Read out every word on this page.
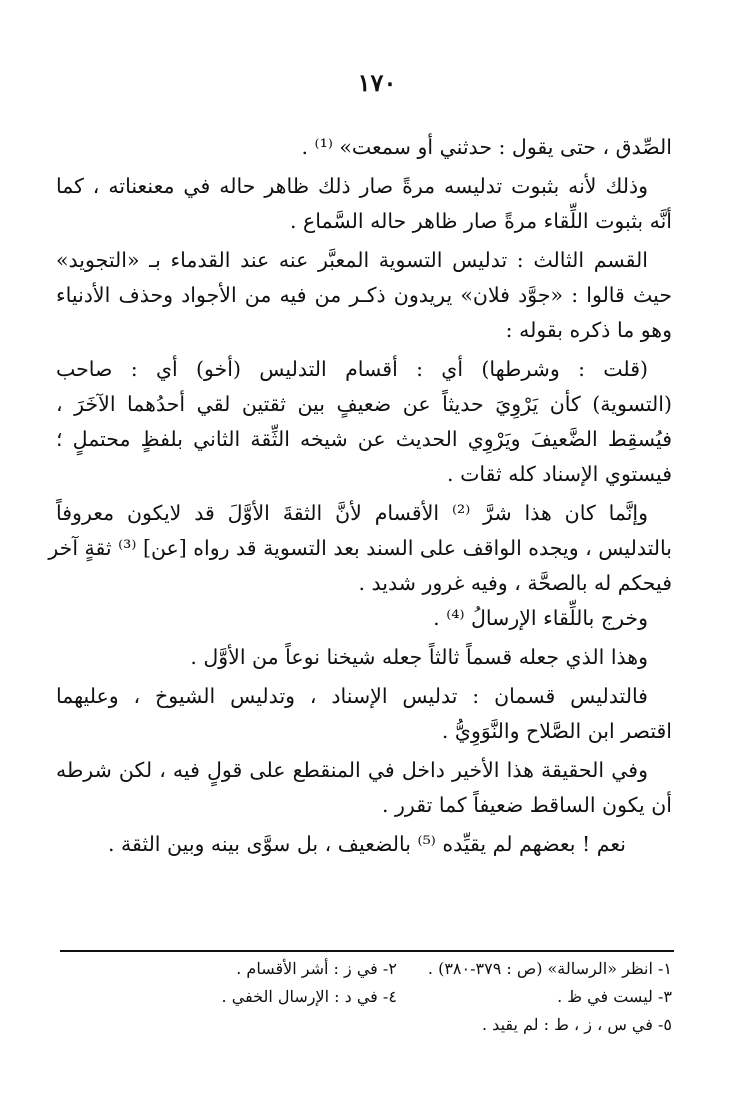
١٧٠
الصِّدق ، حتى يقول : حدثني أو سمعت» ⁽¹⁾ .
وذلك لأنه بثبوت تدليسه مرةً صار ذلك ظاهر حاله في معنعناته ، كما
أنَّه بثبوت اللِّقاء مرةً صار ظاهر حاله السَّماع .
القسم الثالث : تدليس التسوية المعبَّر عنه عند القدماء بـ «التجويد»
حيث قالوا : «جوَّد فلان» يريدون ذكـر من فيه من الأجواد وحذف الأدنياء
وهو ما ذكره بقوله :
(قلت : وشرطها) أي : أقسام التدليس (أخو) أي : صاحب
(التسوية) كأن يَرْوِيَ حديثاً عن ضعيفٍ بين ثقتين لقي أحدُهما الآخَرَ ،
فيُسقِط الضَّعيفَ ويَرْوِي الحديث عن شيخه الثِّقة الثاني بلفظٍ محتملٍ ؛
فيستوي الإسناد كله ثقات .
وإنَّما كان هذا شرَّ ⁽²⁾ الأقسام لأنَّ الثقةَ الأوَّلَ قد لايكون معروفاً
بالتدليس ، ويجده الواقف على السند بعد التسوية قد رواه [عن] ⁽³⁾ ثقةٍ آخر
فيحكم له بالصحَّة ، وفيه غرور شديد .
وخرج باللِّقاء الإرسالُ ⁽⁴⁾ .
وهذا الذي جعله قسماً ثالثاً جعله شيخنا نوعاً من الأوَّل .
فالتدليس قسمان : تدليس الإسناد ، وتدليس الشيوخ ، وعليهما
اقتصر ابن الصَّلاح والنَّوَوِيُّ .
وفي الحقيقة هذا الأخير داخل في المنقطع على قولٍ فيه ، لكن شرطه
أن يكون الساقط ضعيفاً كما تقرر .
نعم ! بعضهم لم يقيِّده ⁽⁵⁾ بالضعيف ، بل سوَّى بينه وبين الثقة .
١- انظر «الرسالة» (ص : ٣٧٩-٣٨٠) . ٢- في ز : أشر الأقسام .
٣- ليست في ظ . ٤- في د : الإرسال الخفي .
٥- في س ، ز ، ط : لم يقيد .
